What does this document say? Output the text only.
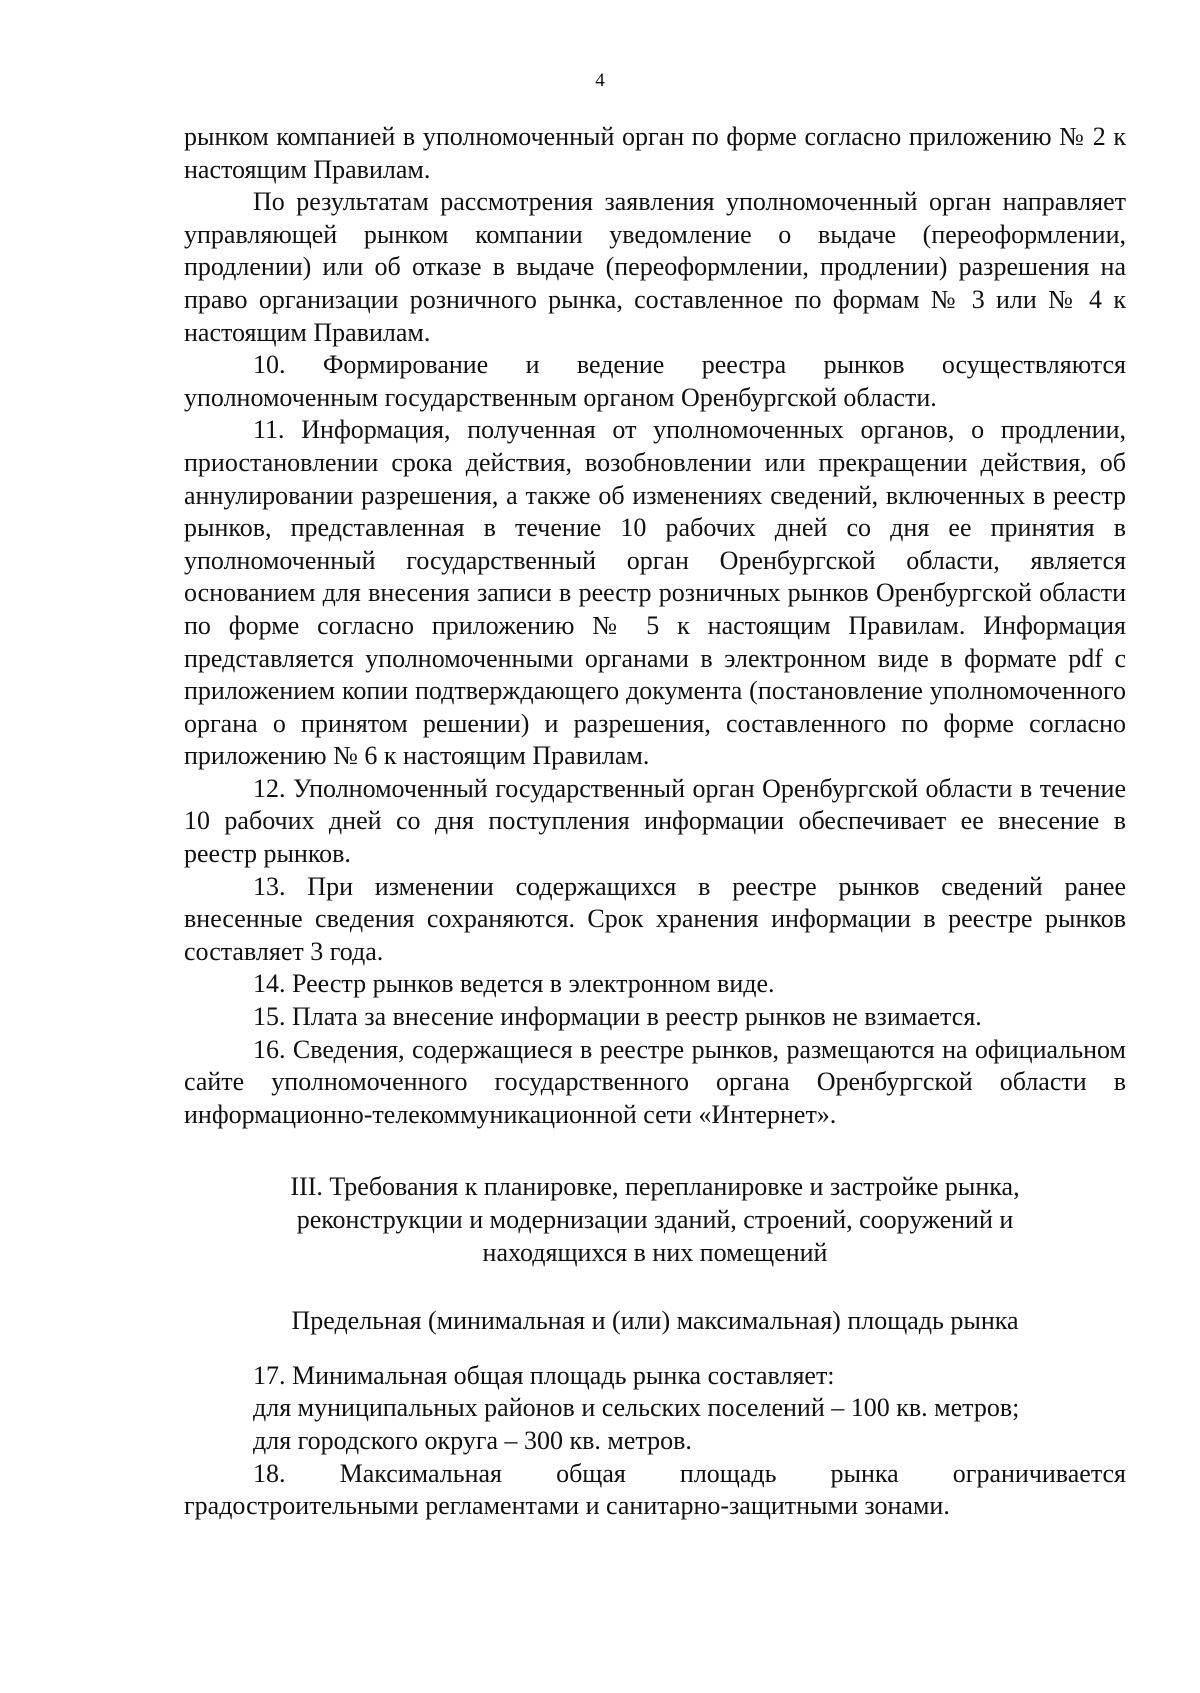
4

рынком компанией в уполномоченный орган по форме согласно приложению № 2 к настоящим Правилам.

По результатам рассмотрения заявления уполномоченный орган направляет управляющей рынком компании уведомление о выдаче (переоформлении, продлении) или об отказе в выдаче (переоформлении, продлении) разрешения на право организации розничного рынка, составленное по формам № 3 или № 4 к настоящим Правилам.

10. Формирование и ведение реестра рынков осуществляются уполномоченным государственным органом Оренбургской области.

11. Информация, полученная от уполномоченных органов, о продлении, приостановлении срока действия, возобновлении или прекращении действия, об аннулировании разрешения, а также об изменениях сведений, включенных в реестр рынков, представленная в течение 10 рабочих дней со дня ее принятия в уполномоченный государственный орган Оренбургской области, является основанием для внесения записи в реестр розничных рынков Оренбургской области по форме согласно приложению № 5 к настоящим Правилам. Информация представляется уполномоченными органами в электронном виде в формате pdf с приложением копии подтверждающего документа (постановление уполномоченного органа о принятом решении) и разрешения, составленного по форме согласно приложению № 6 к настоящим Правилам.

12. Уполномоченный государственный орган Оренбургской области в течение 10 рабочих дней со дня поступления информации обеспечивает ее внесение в реестр рынков.

13. При изменении содержащихся в реестре рынков сведений ранее внесенные сведения сохраняются. Срок хранения информации в реестре рынков составляет 3 года.

14. Реестр рынков ведется в электронном виде.

15. Плата за внесение информации в реестр рынков не взимается.

16. Сведения, содержащиеся в реестре рынков, размещаются на официальном сайте уполномоченного государственного органа Оренбургской области в информационно-телекоммуникационной сети «Интернет».

III. Требования к планировке, перепланировке и застройке рынка,

реконструкции и модернизации зданий, строений, сооружений и

находящихся в них помещений

Предельная (минимальная и (или) максимальная) площадь рынка

17. Минимальная общая площадь рынка составляет:
для муниципальных районов и сельских поселений – 100 кв. метров;
для городского округа – 300 кв. метров.

18. Максимальная общая площадь рынка ограничивается градостроительными регламентами и санитарно-защитными зонами.
